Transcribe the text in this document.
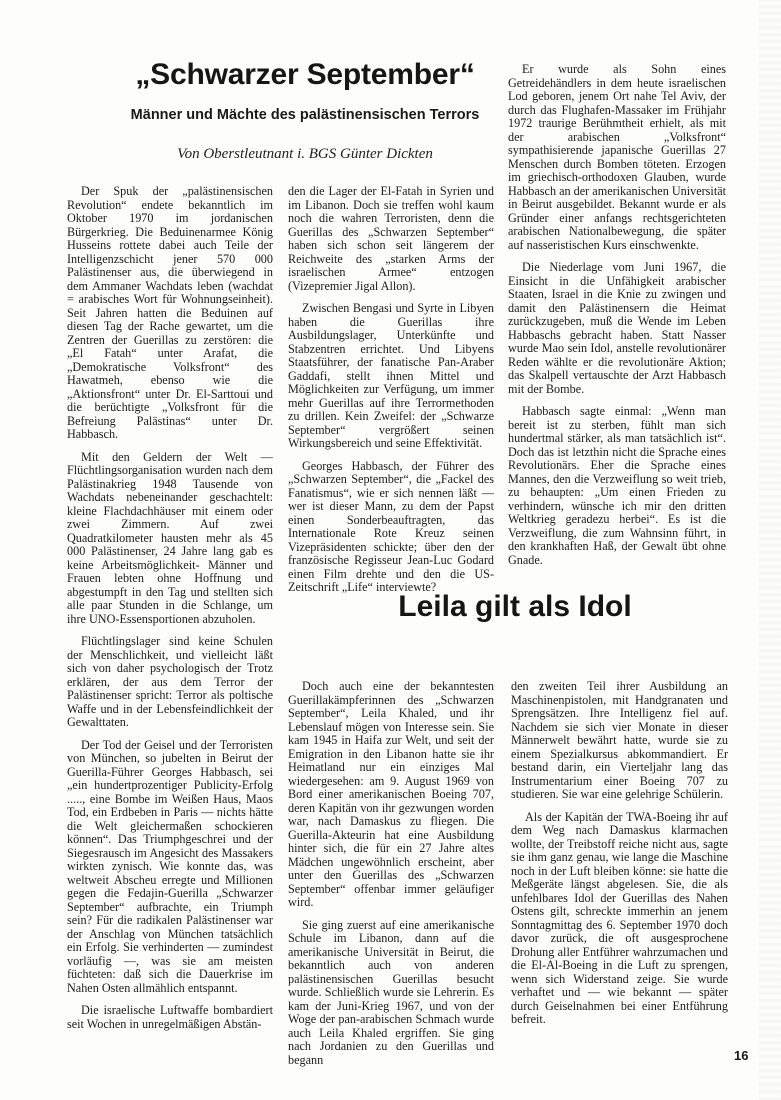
„Schwarzer September“
Männer und Mächte des palästinensischen Terrors
Von Oberstleutnant i. BGS Günter Dickten

Der Spuk der „palästinensischen Revolution“ endete bekanntlich im Oktober 1970 im jordanischen Bürgerkrieg. Die Beduinenarmee König Husseins rottete dabei auch Teile der Intelligenzschicht jener 570 000 Palästinenser aus, die überwiegend in dem Ammaner Wachdats leben (wachdat = arabisches Wort für Wohnungseinheit). Seit Jahren hatten die Beduinen auf diesen Tag der Rache gewartet, um die Zentren der Guerillas zu zerstören: die „El Fatah“ unter Arafat, die „Demokratische Volksfront“ des Hawatmeh, ebenso wie die „Aktionsfront“ unter Dr. El-Sarttoui und die berüchtigte „Volksfront für die Befreiung Palästinas“ unter Dr. Habbasch.

Mit den Geldern der Welt — Flüchtlingsorganisation wurden nach dem Palästinakrieg 1948 Tausende von Wachdats nebeneinander geschachtelt: kleine Flachdachhäuser mit einem oder zwei Zimmern. Auf zwei Quadratkilometer hausten mehr als 45 000 Palästinenser, 24 Jahre lang gab es keine Arbeitsmöglichkeit- Männer und Frauen lebten ohne Hoffnung und abgestumpft in den Tag und stellten sich alle paar Stunden in die Schlange, um ihre UNO-Essensportionen abzuholen.

Flüchtlingslager sind keine Schulen der Menschlichkeit, und vielleicht läßt sich von daher psychologisch der Trotz erklären, der aus dem Terror der Palästinenser spricht: Terror als poltische Waffe und in der Lebensfeindlichkeit der Gewalttaten.

Der Tod der Geisel und der Terroristen von München, so jubelten in Beirut der Guerilla-Führer Georges Habbasch, sei „ein hundertprozentiger Publicity-Erfolg ....., eine Bombe im Weißen Haus, Maos Tod, ein Erdbeben in Paris — nichts hätte die Welt gleichermaßen schockieren können“. Das Triumphgeschrei und der Siegesrausch im Angesicht des Massakers wirkten zynisch. Wie konnte das, was weltweit Abscheu erregte und Millionen gegen die Fedajin-Guerilla „Schwarzer September“ aufbrachte, ein Triumph sein? Für die radikalen Palästinenser war der Anschlag von München tatsächlich ein Erfolg. Sie verhinderten — zumindest vorläufig —, was sie am meisten füchteten: daß sich die Dauerkrise im Nahen Osten allmählich entspannt.

Die israelische Luftwaffe bombardiert seit Wochen in unregelmäßigen Abstän-

den die Lager der El-Fatah in Syrien und im Libanon. Doch sie treffen wohl kaum noch die wahren Terroristen, denn die Guerillas des „Schwarzen September“ haben sich schon seit längerem der Reichweite des „starken Arms der israelischen Armee“ entzogen (Vizepremier Jigal Allon).

Zwischen Bengasi und Syrte in Libyen haben die Guerillas ihre Ausbildungslager, Unterkünfte und Stabzentren errichtet. Und Libyens Staatsführer, der fanatische Pan-Araber Gaddafi, stellt ihnen Mittel und Möglichkeiten zur Verfügung, um immer mehr Guerillas auf ihre Terrormethoden zu drillen. Kein Zweifel: der „Schwarze September“ vergrößert seinen Wirkungsbereich und seine Effektivität.

Georges Habbasch, der Führer des „Schwarzen September“, die „Fackel des Fanatismus“, wie er sich nennen läßt — wer ist dieser Mann, zu dem der Papst einen Sonderbeauftragten, das Internationale Rote Kreuz seinen Vizepräsidenten schickte; über den der französische Regisseur Jean-Luc Godard einen Film drehte und den die US-Zeitschrift „Life“ interviewte?

Er wurde als Sohn eines Getreidehändlers in dem heute israelischen Lod geboren, jenem Ort nahe Tel Aviv, der durch das Flughafen-Massaker im Frühjahr 1972 traurige Berühmtheit erhielt, als mit der arabischen „Volksfront“ sympathisierende japanische Guerillas 27 Menschen durch Bomben töteten. Erzogen im griechisch-orthodoxen Glauben, wurde Habbasch an der amerikanischen Universität in Beirut ausgebildet. Bekannt wurde er als Gründer einer anfangs rechtsgerichteten arabischen Nationalbewegung, die später auf nasseristischen Kurs einschwenkte.

Die Niederlage vom Juni 1967, die Einsicht in die Unfähigkeit arabischer Staaten, Israel in die Knie zu zwingen und damit den Palästinensern die Heimat zurückzugeben, muß die Wende im Leben Habbaschs gebracht haben. Statt Nasser wurde Mao sein Idol, anstelle revolutionärer Reden wählte er die revolutionäre Aktion; das Skalpell vertauschte der Arzt Habbasch mit der Bombe.

Habbasch sagte einmal: „Wenn man bereit ist zu sterben, fühlt man sich hundertmal stärker, als man tatsächlich ist“. Doch das ist letzthin nicht die Sprache eines Revolutionärs. Eher die Sprache eines Mannes, den die Verzweiflung so weit trieb, zu behaupten: „Um einen Frieden zu verhindern, wünsche ich mir den dritten Weltkrieg geradezu herbei“. Es ist die Verzweiflung, die zum Wahnsinn führt, in den krankhaften Haß, der Gewalt übt ohne Gnade.

Leila gilt als Idol

Doch auch eine der bekanntesten Guerillakämpferinnen des „Schwarzen September“, Leila Khaled, und ihr Lebenslauf mögen von Interesse sein. Sie kam 1945 in Haifa zur Welt, und seit der Emigration in den Libanon hatte sie ihr Heimatland nur ein einziges Mal wiedergesehen: am 9. August 1969 von Bord einer amerikanischen Boeing 707, deren Kapitän von ihr gezwungen worden war, nach Damaskus zu fliegen. Die Guerilla-Akteurin hat eine Ausbildung hinter sich, die für ein 27 Jahre altes Mädchen ungewöhnlich erscheint, aber unter den Guerillas des „Schwarzen September“ offenbar immer geläufiger wird.

Sie ging zuerst auf eine amerikanische Schule im Libanon, dann auf die amerikanische Universität in Beirut, die bekanntlich auch von anderen palästinensischen Guerillas besucht wurde. Schließlich wurde sie Lehrerin. Es kam der Juni-Krieg 1967, und von der Woge der pan-arabischen Schmach wurde auch Leila Khaled ergriffen. Sie ging nach Jordanien zu den Guerillas und begann

den zweiten Teil ihrer Ausbildung an Maschinenpistolen, mit Handgranaten und Sprengsätzen. Ihre Intelligenz fiel auf. Nachdem sie sich vier Monate in dieser Männerwelt bewährt hatte, wurde sie zu einem Spezialkursus abkommandiert. Er bestand darin, ein Vierteljahr lang das Instrumentarium einer Boeing 707 zu studieren. Sie war eine gelehrige Schülerin.

Als der Kapitän der TWA-Boeing ihr auf dem Weg nach Damaskus klarmachen wollte, der Treibstoff reiche nicht aus, sagte sie ihm ganz genau, wie lange die Maschine noch in der Luft bleiben könne: sie hatte die Meßgeräte längst abgelesen. Sie, die als unfehlbares Idol der Guerillas des Nahen Ostens gilt, schreckte immerhin an jenem Sonntagmittag des 6. September 1970 doch davor zurück, die oft ausgesprochene Drohung aller Entführer wahrzumachen und die El-Al-Boeing in die Luft zu sprengen, wenn sich Widerstand zeige. Sie wurde verhaftet und — wie bekannt — später durch Geiselnahmen bei einer Entführung befreit.

16
